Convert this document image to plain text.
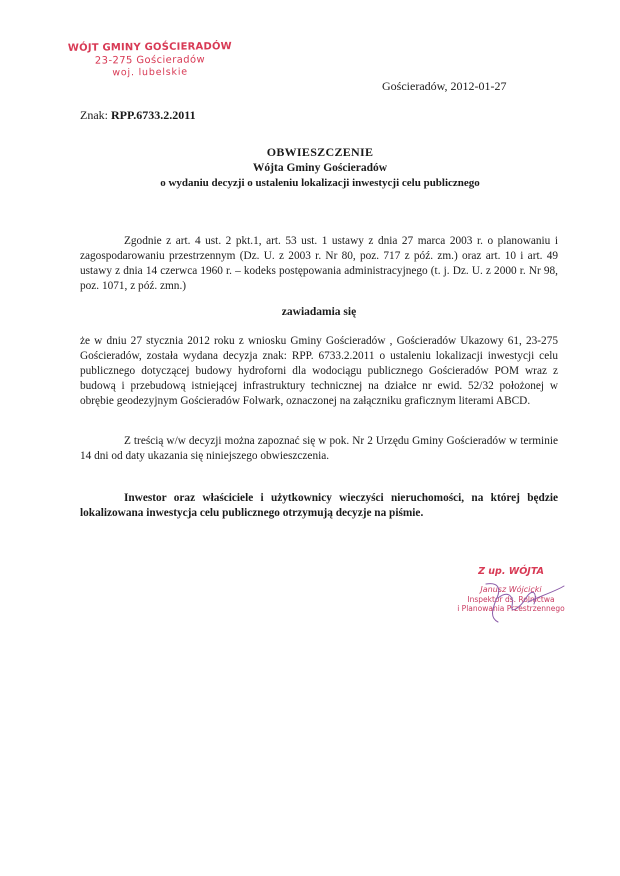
WÓJT GMINY GOŚCIERADÓW
23-275 Gościeradów
woj. lubelskie
Gościeradów, 2012-01-27
Znak: RPP.6733.2.2011
OBWIESZCZENIE
Wójta Gminy Gościeradów
o wydaniu decyzji o ustaleniu lokalizacji inwestycji celu publicznego
Zgodnie z art. 4 ust. 2 pkt.1, art. 53 ust. 1 ustawy z dnia 27 marca 2003 r. o planowaniu i zagospodarowaniu przestrzennym (Dz. U. z 2003 r. Nr 80, poz. 717 z póź. zm.) oraz art. 10 i art. 49 ustawy z dnia 14 czerwca 1960 r. – kodeks postępowania administracyjnego (t. j. Dz. U. z 2000 r. Nr 98, poz. 1071, z póź. zmn.)
zawiadamia się
że w dniu 27 stycznia 2012 roku z wniosku Gminy Gościeradów , Gościeradów Ukazowy 61, 23-275 Gościeradów, została wydana decyzja znak: RPP. 6733.2.2011 o ustaleniu lokalizacji inwestycji celu publicznego dotyczącej budowy hydroforni dla wodociągu publicznego Gościeradów POM wraz z budową i przebudową istniejącej infrastruktury technicznej na działce nr ewid. 52/32 położonej w obrębie geodezyjnym Gościeradów Folwark, oznaczonej na załączniku graficznym literami ABCD.
Z treścią w/w decyzji można zapoznać się w pok. Nr 2 Urzędu Gminy Gościeradów w terminie 14 dni od daty ukazania się niniejszego obwieszczenia.
Inwestor oraz właściciele i użytkownicy wieczyści nieruchomości, na której będzie lokalizowana inwestycja celu publicznego otrzymują decyzje na piśmie.
Z up. WÓJTA
Janusz Wójcicki
Inspektor ds. Rolnictwa
i Planowania Przestrzennego
